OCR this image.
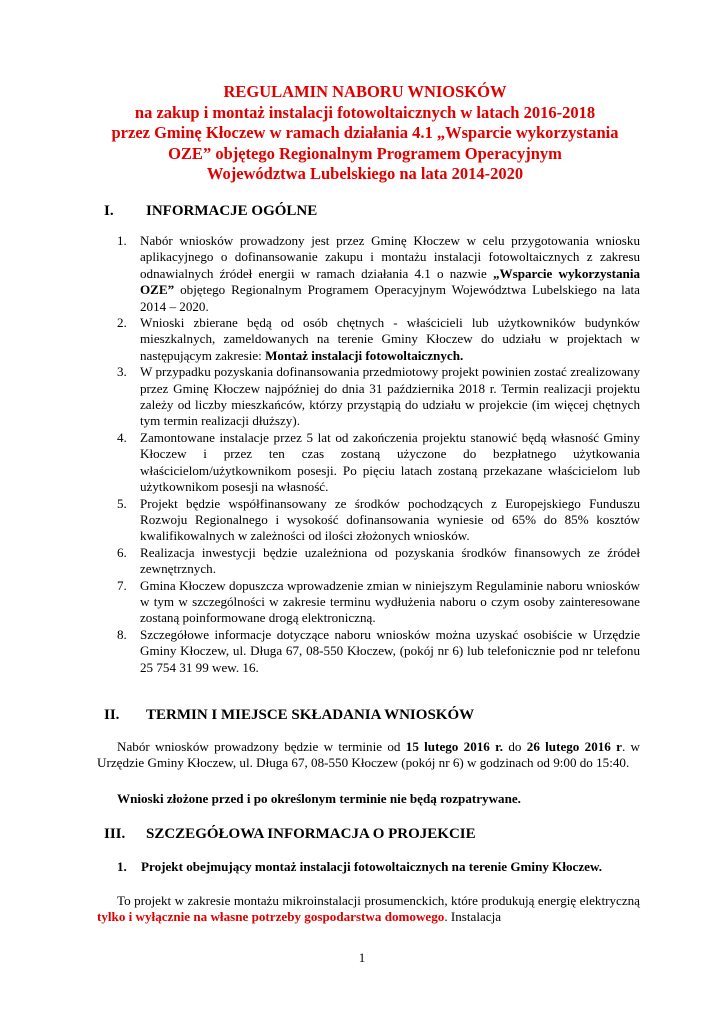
REGULAMIN NABORU WNIOSKÓW
na zakup i montaż instalacji fotowoltaicznych w latach 2016-2018
przez Gminę Kłoczew w ramach działania 4.1 „Wsparcie wykorzystania
OZE” objętego Regionalnym Programem Operacyjnym
Województwa Lubelskiego na lata 2014-2020
I. INFORMACJE OGÓLNE
1. Nabór wniosków prowadzony jest przez Gminę Kłoczew w celu przygotowania wniosku aplikacyjnego o dofinansowanie zakupu i montażu instalacji fotowoltaicznych z zakresu odnawialnych źródeł energii w ramach działania 4.1 o nazwie „Wsparcie wykorzystania OZE” objętego Regionalnym Programem Operacyjnym Województwa Lubelskiego na lata 2014 – 2020.
2. Wnioski zbierane będą od osób chętnych - właścicieli lub użytkowników budynków mieszkalnych, zameldowanych na terenie Gminy Kłoczew do udziału w projektach w następującym zakresie: Montaż instalacji fotowoltaicznych.
3. W przypadku pozyskania dofinansowania przedmiotowy projekt powinien zostać zrealizowany przez Gminę Kłoczew najpóźniej do dnia 31 października 2018 r. Termin realizacji projektu zależy od liczby mieszkańców, którzy przystąpią do udziału w projekcie (im więcej chętnych tym termin realizacji dłuższy).
4. Zamontowane instalacje przez 5 lat od zakończenia projektu stanowić będą własność Gminy Kłoczew i przez ten czas zostaną użyczone do bezpłatnego użytkowania właścicielom/użytkownikom posesji. Po pięciu latach zostaną przekazane właścicielom lub użytkownikom posesji na własność.
5. Projekt będzie współfinansowany ze środków pochodzących z Europejskiego Funduszu Rozwoju Regionalnego i wysokość dofinansowania wyniesie od 65% do 85% kosztów kwalifikowalnych w zależności od ilości złożonych wniosków.
6. Realizacja inwestycji będzie uzależniona od pozyskania środków finansowych ze źródeł zewnętrznych.
7. Gmina Kłoczew dopuszcza wprowadzenie zmian w niniejszym Regulaminie naboru wniosków w tym w szczególności w zakresie terminu wydłużenia naboru o czym osoby zainteresowane zostaną poinformowane drogą elektroniczną.
8. Szczegółowe informacje dotyczące naboru wniosków można uzyskać osobiście w Urzędzie Gminy Kłoczew, ul. Długa 67, 08-550 Kłoczew, (pokój nr 6) lub telefonicznie pod nr telefonu 25 754 31 99 wew. 16.
II. TERMIN I MIEJSCE SKŁADANIA WNIOSKÓW
Nabór wniosków prowadzony będzie w terminie od 15 lutego 2016 r. do 26 lutego 2016 r. w Urzędzie Gminy Kłoczew, ul. Długa 67, 08-550 Kłoczew (pokój nr 6) w godzinach od 9:00 do 15:40.
Wnioski złożone przed i po określonym terminie nie będą rozpatrywane.
III. SZCZEGÓŁOWA INFORMACJA O PROJEKCIE
1.	Projekt obejmujący montaż instalacji fotowoltaicznych na terenie Gminy Kłoczew.
To projekt w zakresie montażu mikroinstalacji prosumenckich, które produkują energię elektryczną tylko i wyłącznie na własne potrzeby gospodarstwa domowego. Instalacja
1
